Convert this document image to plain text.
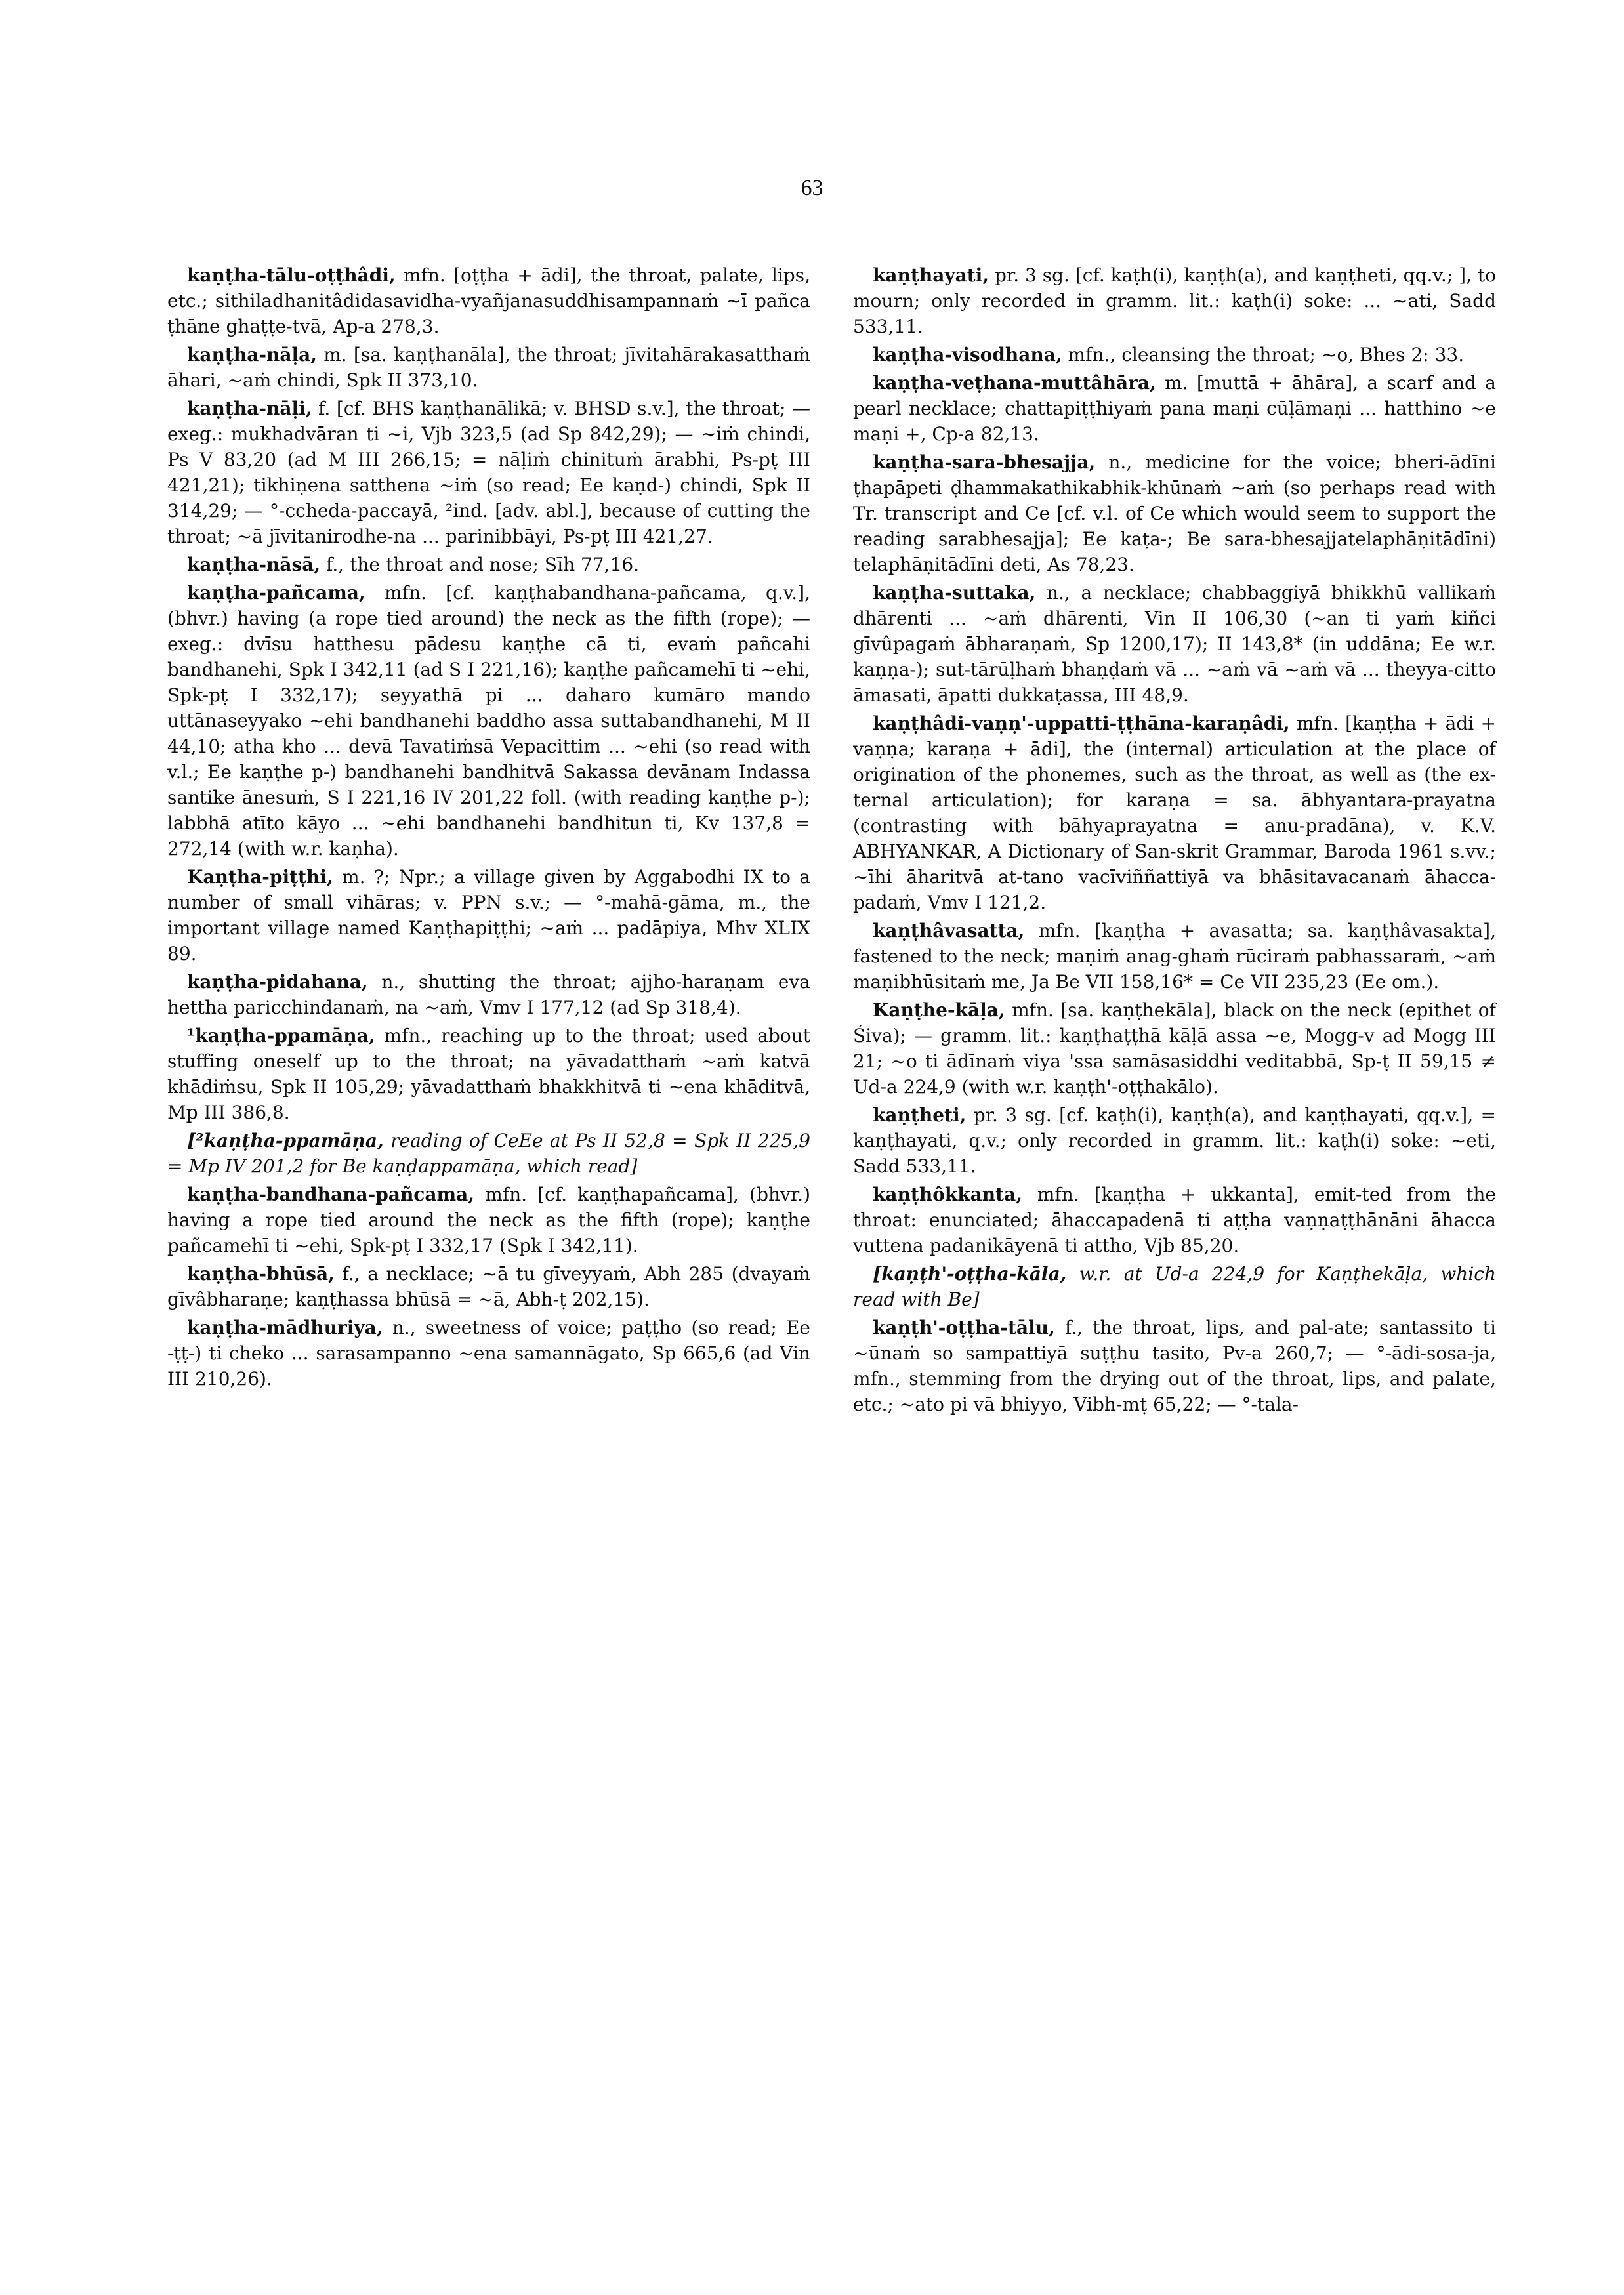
63

kaṇṭha-tālu-oṭṭhâdi, mfn. [oṭṭha + ādi], the throat, palate, lips, etc.; sithiladhanitâdidasavidha-vyañjanasuddhisampannaṁ ~ī pañca ṭhāne ghaṭṭe-tvā, Ap-a 278,3.

kaṇṭha-nāḷa, m. [sa. kaṇṭhanāla], the throat; jīvitahārakasatthaṁ āhari, ~aṁ chindi, Spk II 373,10.

kaṇṭha-nāḷi, f. [cf. BHS kaṇṭhanālikā; v. BHSD s.v.], the throat; — exeg.: mukhadvāran ti ~i, Vjb 323,5 (ad Sp 842,29); — ~iṁ chindi, Ps V 83,20 (ad M III 266,15; = nāḷiṁ chinituṁ ārabhi, Ps-pṭ III 421,21); tikhiṇena satthena ~iṁ (so read; Ee kaṇd-) chindi, Spk II 314,29; — °-ccheda-paccayā, ²ind. [adv. abl.], because of cutting the throat; ~ā jīvitanirodhe-na ... parinibbāyi, Ps-pṭ III 421,27.

kaṇṭha-nāsā, f., the throat and nose; Sīh 77,16.

kaṇṭha-pañcama, mfn. [cf. kaṇṭhabandhana-pañcama, q.v.], (bhvr.) having (a rope tied around) the neck as the fifth (rope); — exeg.: dvīsu hatthesu pādesu kaṇṭhe cā ti, evaṁ pañcahi bandhanehi, Spk I 342,11 (ad S I 221,16); kaṇṭhe pañcamehī ti ~ehi, Spk-pṭ I 332,17); seyyathā pi ... daharo kumāro mando uttānaseyyako ~ehi bandhanehi baddho assa suttabandhanehi, M II 44,10; atha kho ... devā Tavatiṁsā Vepacittim ... ~ehi (so read with v.l.; Ee kaṇṭhe p-) bandhanehi bandhitvā Sakassa devānam Indassa santike ānesuṁ, S I 221,16 IV 201,22 foll. (with reading kaṇṭhe p-); labbhā atīto kāyo ... ~ehi bandhanehi bandhitun ti, Kv 137,8 = 272,14 (with w.r. kaṇha).

Kaṇṭha-piṭṭhi, m. ?; Npr.; a village given by Aggabodhi IX to a number of small vihāras; v. PPN s.v.; — °-mahā-gāma, m., the important village named Kaṇṭhapiṭṭhi; ~aṁ ... padāpiya, Mhv XLIX 89.

kaṇṭha-pidahana, n., shutting the throat; ajjho-haraṇam eva hettha paricchindanaṁ, na ~aṁ, Vmv I 177,12 (ad Sp 318,4).

¹kaṇṭha-ppamāṇa, mfn., reaching up to the throat; used about stuffing oneself up to the throat; na yāvadatthaṁ ~aṁ katvā khādiṁsu, Spk II 105,29; yāvadatthaṁ bhakkhitvā ti ~ena khāditvā, Mp III 386,8.

[²kaṇṭha-ppamāṇa, reading of CeEe at Ps II 52,8 = Spk II 225,9 = Mp IV 201,2 for Be kaṇḍappamāṇa, which read]

kaṇṭha-bandhana-pañcama, mfn. [cf. kaṇṭhapañcama], (bhvr.) having a rope tied around the neck as the fifth (rope); kaṇṭhe pañcamehī ti ~ehi, Spk-pṭ I 332,17 (Spk I 342,11).

kaṇṭha-bhūsā, f., a necklace; ~ā tu gīveyyaṁ, Abh 285 (dvayaṁ gīvâbharaṇe; kaṇṭhassa bhūsā = ~ā, Abh-ṭ 202,15).

kaṇṭha-mādhuriya, n., sweetness of voice; paṭṭho (so read; Ee -ṭṭ-) ti cheko ... sarasampanno ~ena samannāgato, Sp 665,6 (ad Vin III 210,26).

kaṇṭhayati, pr. 3 sg. [cf. kaṭh(i), kaṇṭh(a), and kaṇṭheti, qq.v.; ], to mourn; only recorded in gramm. lit.: kaṭh(i) soke: ... ~ati, Sadd 533,11.

kaṇṭha-visodhana, mfn., cleansing the throat; ~o, Bhes 2: 33.

kaṇṭha-veṭhana-muttâhāra, m. [muttā + āhāra], a scarf and a pearl necklace; chattapiṭṭhiyaṁ pana maṇi cūḷāmaṇi ... hatthino ~e maṇi +, Cp-a 82,13.

kaṇṭha-sara-bhesajja, n., medicine for the voice; bheri-ādīni ṭhapāpeti ḍhammakathikabhik-khūnaṁ ~aṁ (so perhaps read with Tr. transcript and Ce [cf. v.l. of Ce which would seem to support the reading sarabhesajja]; Ee kaṭa-; Be sara-bhesajjatelaphāṇitādīni) telaphāṇitādīni deti, As 78,23.

kaṇṭha-suttaka, n., a necklace; chabbaggiyā bhikkhū vallikaṁ dhārenti ... ~aṁ dhārenti, Vin II 106,30 (~an ti yaṁ kiñci gīvûpagaṁ ābharaṇaṁ, Sp 1200,17); II 143,8* (in uddāna; Ee w.r. kaṇṇa-); sut-tārūḷhaṁ bhaṇḍaṁ vā ... ~aṁ vā ~aṁ vā ... theyya-citto āmasati, āpatti dukkaṭassa, III 48,9.

kaṇṭhâdi-vaṇṇ'-uppatti-ṭṭhāna-karaṇâdi, mfn. [kaṇṭha + ādi + vaṇṇa; karaṇa + ādi], the (internal) articulation at the place of origination of the phonemes, such as the throat, as well as (the ex-ternal articulation); for karaṇa = sa. ābhyantara-prayatna (contrasting with bāhyaprayatna = anu-pradāna), v. K.V. ABHYANKAR, A Dictionary of San-skrit Grammar, Baroda 1961 s.vv.; ~īhi āharitvā at-tano vacīviññattiyā va bhāsitavacanaṁ āhacca-padaṁ, Vmv I 121,2.

kaṇṭhâvasatta, mfn. [kaṇṭha + avasatta; sa. kaṇṭhâvasakta], fastened to the neck; maṇiṁ anag-ghaṁ rūciraṁ pabhassaraṁ, ~aṁ maṇibhūsitaṁ me, Ja Be VII 158,16* = Ce VII 235,23 (Ee om.).

Kaṇṭhe-kāḷa, mfn. [sa. kaṇṭhekāla], black on the neck (epithet of Śiva); — gramm. lit.: kaṇṭhaṭṭhā kāḷā assa ~e, Mogg-v ad Mogg III 21; ~o ti ādīnaṁ viya 'ssa samāsasiddhi veditabbā, Sp-ṭ II 59,15 ≠ Ud-a 224,9 (with w.r. kaṇṭh'-oṭṭhakālo).

kaṇṭheti, pr. 3 sg. [cf. kaṭh(i), kaṇṭh(a), and kaṇṭhayati, qq.v.], = kaṇṭhayati, q.v.; only recorded in gramm. lit.: kaṭh(i) soke: ~eti, Sadd 533,11.

kaṇṭhôkkanta, mfn. [kaṇṭha + ukkanta], emit-ted from the throat: enunciated; āhaccapadenā ti aṭṭha vaṇṇaṭṭhānāni āhacca vuttena padanikāyenā ti attho, Vjb 85,20.

[kaṇṭh'-oṭṭha-kāla, w.r. at Ud-a 224,9 for Kaṇṭhekāḷa, which read with Be]

kaṇṭh'-oṭṭha-tālu, f., the throat, lips, and pal-ate; santassito ti ~ūnaṁ so sampattiyā suṭṭhu tasito, Pv-a 260,7; — °-ādi-sosa-ja, mfn., stemming from the drying out of the throat, lips, and palate, etc.; ~ato pi vā bhiyyo, Vibh-mṭ 65,22; — °-tala-
